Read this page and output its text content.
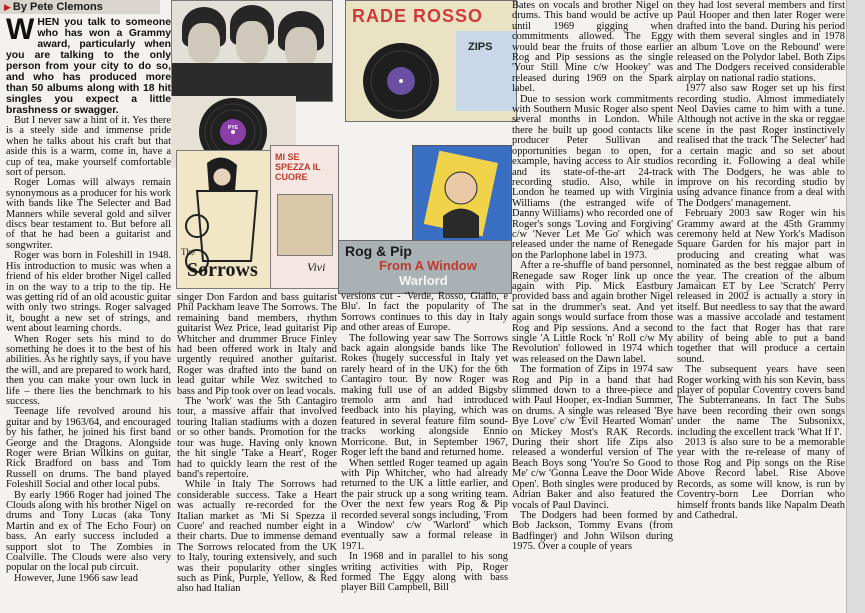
▶ By Pete Clemons

WHEN you talk to someone who has won a Grammy award, particularly when you are talking to the only person from your city to do so, and who has produced more than 50 albums along with 18 hit singles you expect a little brashness or swagger.

But I never saw a hint of it. Yes there is a steely side and immense pride when he talks about his craft but that aside this is a warm, come in, have a cup of tea, make yourself comfortable sort of person.

Roger Lomas will always remain synonymous as a producer for his work with bands like The Selecter and Bad Manners while several gold and silver discs bear testament to. But before all of that he had been a guitarist and songwriter.

Roger was born in Foleshill in 1948. His introduction to music was when a friend of his elder brother Nigel called in on the way to a trip to the tip. He was getting rid of an old acoustic guitar with only two strings. Roger salvaged it, bought a new set of strings, and went about learning chords.

When Roger sets his mind to do something he does it to the best of his abilities. As he rightly says, if you have the will, and are prepared to work hard, then you can make your own luck in life – there lies the benchmark to his success.

Teenage life revolved around his guitar and by 1963/64, and encouraged by his father, he joined his first band George and the Dragons. Alongside Roger were Brian Wilkins on guitar, Rick Bradford on bass and Tom Russell on drums. The band played Foleshill Social and other local pubs.

By early 1966 Roger had joined The Clouds along with his brother Nigel on drums and Tony Lucas (aka Tony Martin and ex of The Echo Four) on bass. An early success included a support slot to The Zombies in Coalville. The Clouds were also very popular on the local pub circuit.

However, June 1966 saw lead

PYE
RADE ROSSO
ZIPS
The
Sorrows
MI SE SPEZZA IL CUORE
Vivi
Rog & Pip
From A Window
Warlord

singer Don Fardon and bass guitarist Phil Packham leave The Sorrows. The remaining band members, rhythm guitarist Wez Price, lead guitarist Pip Whitcher and drummer Bruce Finley had been offered work in Italy and urgently required another guitarist. Roger was drafted into the band on lead guitar while Wez switched to bass and Pip took over on lead vocals.

The 'work' was the 5th Cantagiro tour, a massive affair that involved touring Italian stadiums with a dozen or so other bands. Promotion for the tour was huge. Having only known the hit single 'Take a Heart', Roger had to quickly learn the rest of the band's repertoire.

While in Italy The Sorrows had considerable success. Take a Heart was actually re-recorded for the Italian market as 'Mi Si Spezza il Cuore' and reached number eight in their charts. Due to immense demand The Sorrows relocated from the UK to Italy, touring extensively, and such was their popularity other singles such as Pink, Purple, Yellow, & Red also had Italian

versions cut - 'Verde, Rosso, Giallo, e Blu'. In fact the popularity of The Sorrows continues to this day in Italy and other areas of Europe.

The following year saw The Sorrows back again alongside bands like The Rokes (hugely successful in Italy yet rarely heard of in the UK) for the 6th Cantagiro tour. By now Roger was making full use of an added Bigsby tremolo arm and had introduced feedback into his playing, which was featured in several feature film sound-tracks working alongside Ennio Morricone. But, in September 1967, Roger left the band and returned home.

When settled Roger teamed up again with Pip Whitcher, who had already returned to the UK a little earlier, and the pair struck up a song writing team. Over the next few years Rog & Pip recorded several songs including, 'From a Window' c/w 'Warlord' which eventually saw a formal release in 1971.

In 1968 and in parallel to his song writing activities with Pip, Roger formed The Eggy along with bass player Bill Campbell, Bill

Bates on vocals and brother Nigel on drums. This band would be active up until 1969 gigging when commitments allowed. The Eggy would bear the fruits of those earlier Rog and Pip sessions as the single 'Your Still Mine c/w Hookey' was released during 1969 on the Spark label.

Due to session work commitments with Southern Music Roger also spent several months in London. While there he built up good contacts like producer Peter Sullivan and opportunities began to open, for example, having access to Air studios and its state-of-the-art 24-track recording studio. Also, while in London he teamed up with Virginia Williams (the estranged wife of Danny Williams) who recorded one of Roger's songs 'Loving and Forgiving' c/w 'Never Let Me Go' which was released under the name of Renegade on the Parlophone label in 1973.

After a re-shuffle of band personnel, Renegade saw Roger link up once again with Pip. Mick Eastbury provided bass and again brother Nigel sat in the drummer's seat. And yet again songs would surface from those Rog and Pip sessions. And a second single 'A Little Rock 'n' Roll c/w My Revolution' followed in 1974 which was released on the Dawn label.

The formation of Zips in 1974 saw Rog and Pip in a band that had slimmed down to a three-piece and with Paul Hooper, ex-Indian Summer, on drums. A single was released 'Bye Bye Love' c/w 'Evil Hearted Woman' on Mickey Most's RAK Records. During their short life Zips also released a wonderful version of The Beach Boys song 'You're So Good to Me' c/w 'Gonna Leave the Door Wide Open'. Both singles were produced by Adrian Baker and also featured the vocals of Paul Davinci.

The Dodgers had been formed by Bob Jackson, Tommy Evans (from Badfinger) and John Wilson during 1975. Over a couple of years

they had lost several members and first Paul Hooper and then later Roger were drafted into the band. During his period with them several singles and in 1978 an album 'Love on the Rebound' were released on the Polydor label. Both Zips and The Dodgers received considerable airplay on national radio stations.

1977 also saw Roger set up his first recording studio. Almost immediately Neol Davies came to him with a tune. Although not active in the ska or reggae scene in the past Roger instinctively realised that the track 'The Selecter' had a certain magic and so set about recording it. Following a deal while with The Dodgers, he was able to improve on his recording studio by using advance finance from a deal with The Dodgers' management.

February 2003 saw Roger win his Grammy award at the 45th Grammy ceremony held at New York's Madison Square Garden for his major part in producing and creating what was nominated as the best reggae album of the year. The creation of the album Jamaican ET by Lee 'Scratch' Perry released in 2002 is actually a story in itself. But needless to say that the award was a massive accolade and testament to the fact that Roger has that rare ability of being able to put a band together that will produce a certain sound.

The subsequent years have seen Roger working with his son Kevin, bass player of popular Coventry covers band The Subterraneans. In fact The Subs have been recording their own songs under the name The Subsonixx, including the excellent track 'What If I'.

2013 is also sure to be a memorable year with the re-release of many of those Rog and Pip songs on the Rise Above Record label. Rise Above Records, as some will know, is run by Coventry-born Lee Dorrian who himself fronts bands like Napalm Death and Cathedral.
